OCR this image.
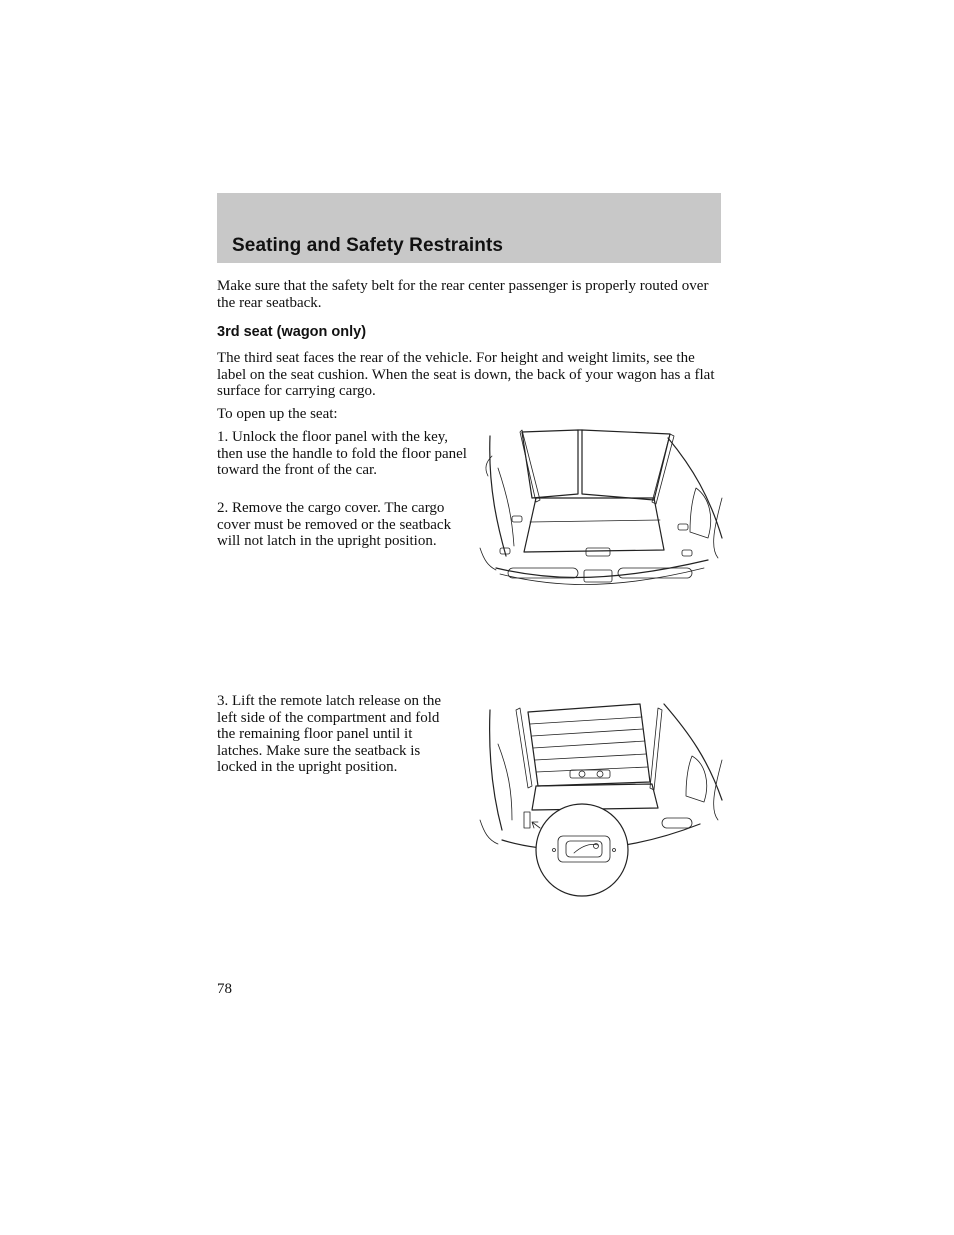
Seating and Safety Restraints

Make sure that the safety belt for the rear center passenger is properly routed over the rear seatback.

3rd seat (wagon only)

The third seat faces the rear of the vehicle. For height and weight limits, see the label on the seat cushion. When the seat is down, the back of your wagon has a flat surface for carrying cargo.

To open up the seat:

1. Unlock the floor panel with the key, then use the handle to fold the floor panel toward the front of the car.

2. Remove the cargo cover. The cargo cover must be removed or the seatback will not latch in the upright position.

3. Lift the remote latch release on the left side of the compartment and fold the remaining floor panel until it latches. Make sure the seatback is locked in the upright position.

78
